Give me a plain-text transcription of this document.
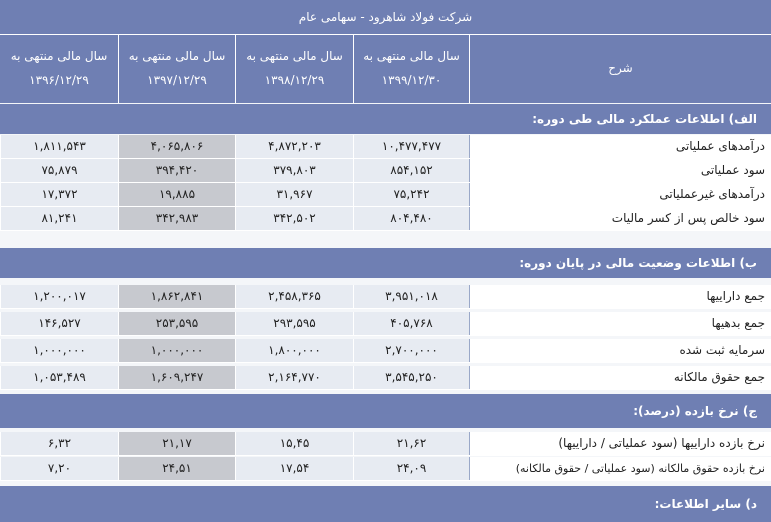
شرکت فولاد شاهرود - سهامی عام
شرح
سال مالی منتهی به
۱۳۹۹/۱۲/۳۰
سال مالی منتهی به
۱۳۹۸/۱۲/۲۹
سال مالی منتهی به
۱۳۹۷/۱۲/۲۹
سال مالی منتهی به
۱۳۹۶/۱۲/۲۹
الف) اطلاعات عملکرد مالی طی دوره:
درآمدهای عملیاتی
۱۰,۴۷۷,۴۷۷
۴,۸۷۲,۲۰۳
۴,۰۶۵,۸۰۶
۱,۸۱۱,۵۴۳
سود عملیاتی
۸۵۴,۱۵۲
۳۷۹,۸۰۳
۳۹۴,۴۲۰
۷۵,۸۷۹
درآمدهای غیرعملیاتی
۷۵,۲۴۲
۳۱,۹۶۷
۱۹,۸۸۵
۱۷,۳۷۲
سود خالص پس از کسر مالیات
۸۰۴,۴۸۰
۳۴۲,۵۰۲
۳۴۲,۹۸۳
۸۱,۲۴۱
ب) اطلاعات وضعیت مالی در پایان دوره:
جمع داراییها
۳,۹۵۱,۰۱۸
۲,۴۵۸,۳۶۵
۱,۸۶۲,۸۴۱
۱,۲۰۰,۰۱۷
جمع بدهیها
۴۰۵,۷۶۸
۲۹۳,۵۹۵
۲۵۳,۵۹۵
۱۴۶,۵۲۷
سرمایه ثبت شده
۲,۷۰۰,۰۰۰
۱,۸۰۰,۰۰۰
۱,۰۰۰,۰۰۰
۱,۰۰۰,۰۰۰
جمع حقوق مالکانه
۳,۵۴۵,۲۵۰
۲,۱۶۴,۷۷۰
۱,۶۰۹,۲۴۷
۱,۰۵۳,۴۸۹
ج) نرخ بازده (درصد):
نرخ بازده داراییها (سود عملیاتی / داراییها)
۲۱,۶۲
۱۵,۴۵
۲۱,۱۷
۶,۳۲
نرخ بازده حقوق مالکانه (سود عملیاتی / حقوق مالکانه)
۲۴,۰۹
۱۷,۵۴
۲۴,۵۱
۷,۲۰
د) سایر اطلاعات:
